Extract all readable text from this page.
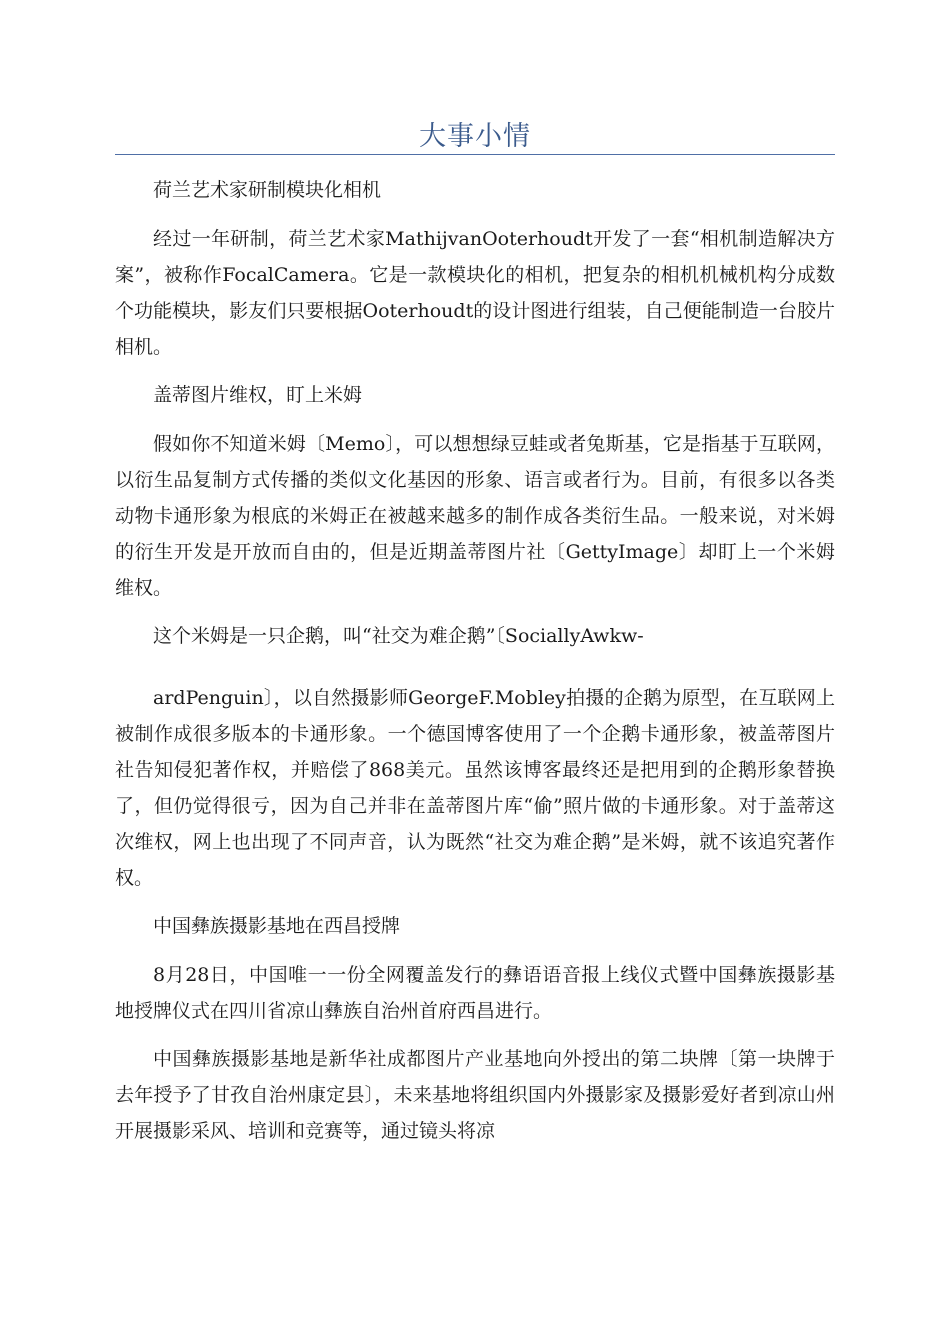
大事小情

荷兰艺术家研制模块化相机

经过一年研制，荷兰艺术家MathijvanOoterhoudt开发了一套“相机制造解决方案”，被称作FocalCamera。它是一款模块化的相机，把复杂的相机机械机构分成数个功能模块，影友们只要根据Ooterhoudt的设计图进行组装，自己便能制造一台胶片相机。

盖蒂图片维权，盯上米姆

假如你不知道米姆〔Memo〕，可以想想绿豆蛙或者兔斯基，它是指基于互联网，以衍生品复制方式传播的类似文化基因的形象、语言或者行为。目前，有很多以各类动物卡通形象为根底的米姆正在被越来越多的制作成各类衍生品。一般来说，对米姆的衍生开发是开放而自由的，但是近期盖蒂图片社〔GettyImage〕却盯上一个米姆维权。

这个米姆是一只企鹅，叫“社交为难企鹅”〔SociallyAwkw-

ardPenguin〕，以自然摄影师GeorgeF.Mobley拍摄的企鹅为原型，在互联网上被制作成很多版本的卡通形象。一个德国博客使用了一个企鹅卡通形象，被盖蒂图片社告知侵犯著作权，并赔偿了868美元。虽然该博客最终还是把用到的企鹅形象替换了，但仍觉得很亏，因为自己并非在盖蒂图片库“偷”照片做的卡通形象。对于盖蒂这次维权，网上也出现了不同声音，认为既然“社交为难企鹅”是米姆，就不该追究著作权。

中国彝族摄影基地在西昌授牌

8月28日，中国唯一一份全网覆盖发行的彝语语音报上线仪式暨中国彝族摄影基地授牌仪式在四川省凉山彝族自治州首府西昌进行。

中国彝族摄影基地是新华社成都图片产业基地向外授出的第二块牌〔第一块牌于去年授予了甘孜自治州康定县〕，未来基地将组织国内外摄影家及摄影爱好者到凉山州开展摄影采风、培训和竞赛等，通过镜头将凉
